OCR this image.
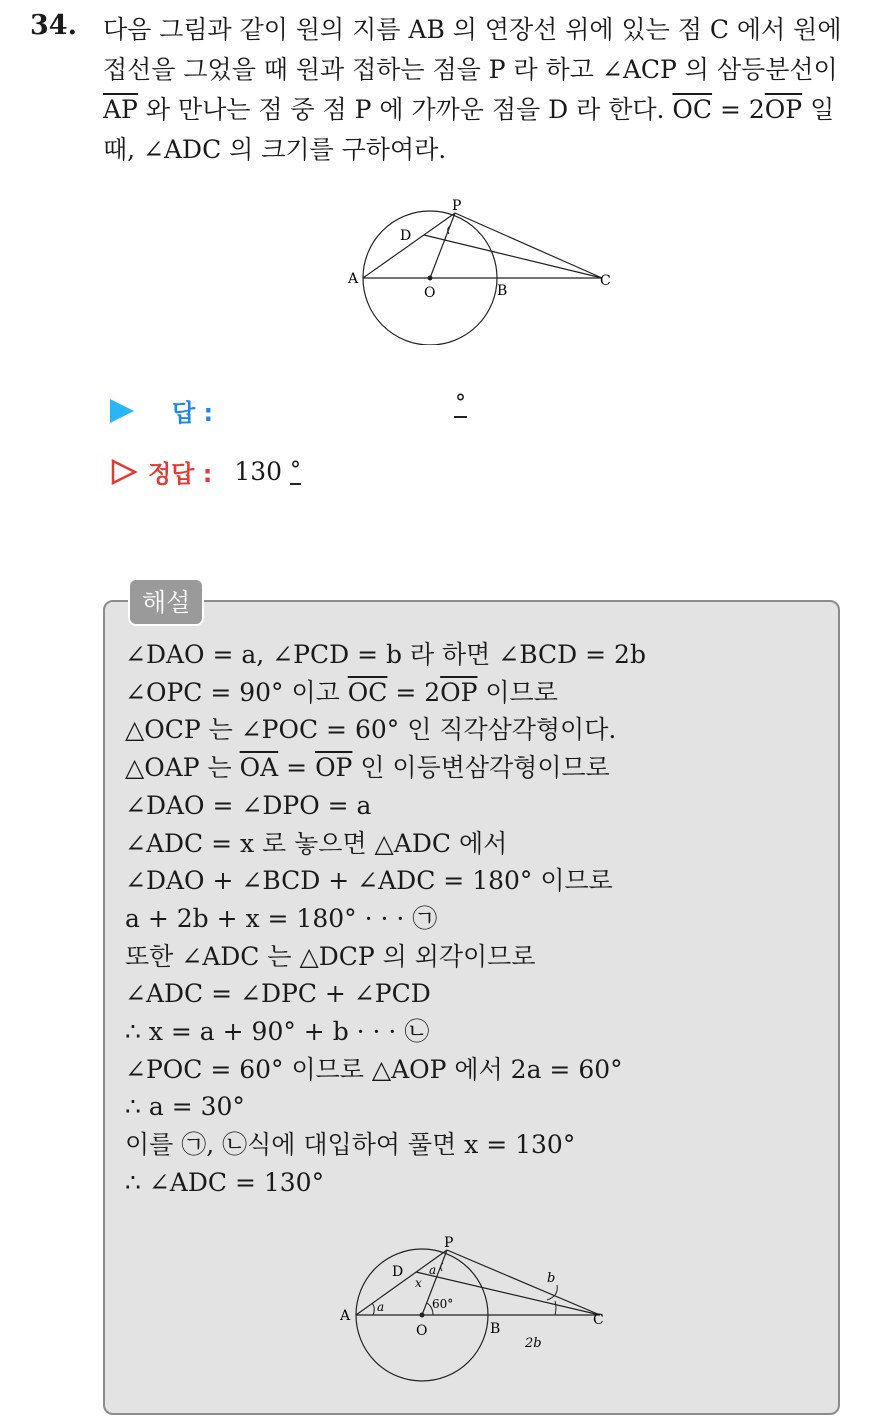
34. 다음 그림과 같이 원의 지름 AB 의 연장선 위에 있는 점 C 에서 원에

접선을 그었을 때 원과 접하는 점을 P 라 하고 ∠ACP 의 삼등분선이

$\overline{AP}$ 와 만나는 점 중 점 P 에 가까운 점을 D 라 한다. $\overline{OC} = 2\overline{OP}$ 일

때, ∠ADC 의 크기를 구하여라.

P
D
A
O	B
C
답 :	°
정답 : 130 °
해설

∠DAO = a, ∠PCD = b 라 하면 ∠BCD = 2b

∠OPC = 90° 이고 $\overline{OC} = 2\overline{OP}$ 이므로

△OCP 는 ∠POC = 60° 인 직각삼각형이다.

△OAP 는 $\overline{OA} = \overline{OP}$ 인 이등변삼각형이므로

∠DAO = ∠DPO = a

∠ADC = x 로 놓으면 △ADC 에서

∠DAO + ∠BCD + ∠ADC = 180° 이므로

a + 2b + x = 180° · · · ㉠

또한 ∠ADC 는 △DCP 의 외각이므로

∠ADC = ∠DPC + ∠PCD

∴ x = a + 90° + b · · · ㉡

∠POC = 60° 이므로 △AOP 에서 2a = 60°

∴ a = 30°

이를 ㉠, ㉡식에 대입하여 풀면 x = 130°

∴ ∠ADC = 130°

P
D
A
O	B
C
a
a
x
60°
b
2b
